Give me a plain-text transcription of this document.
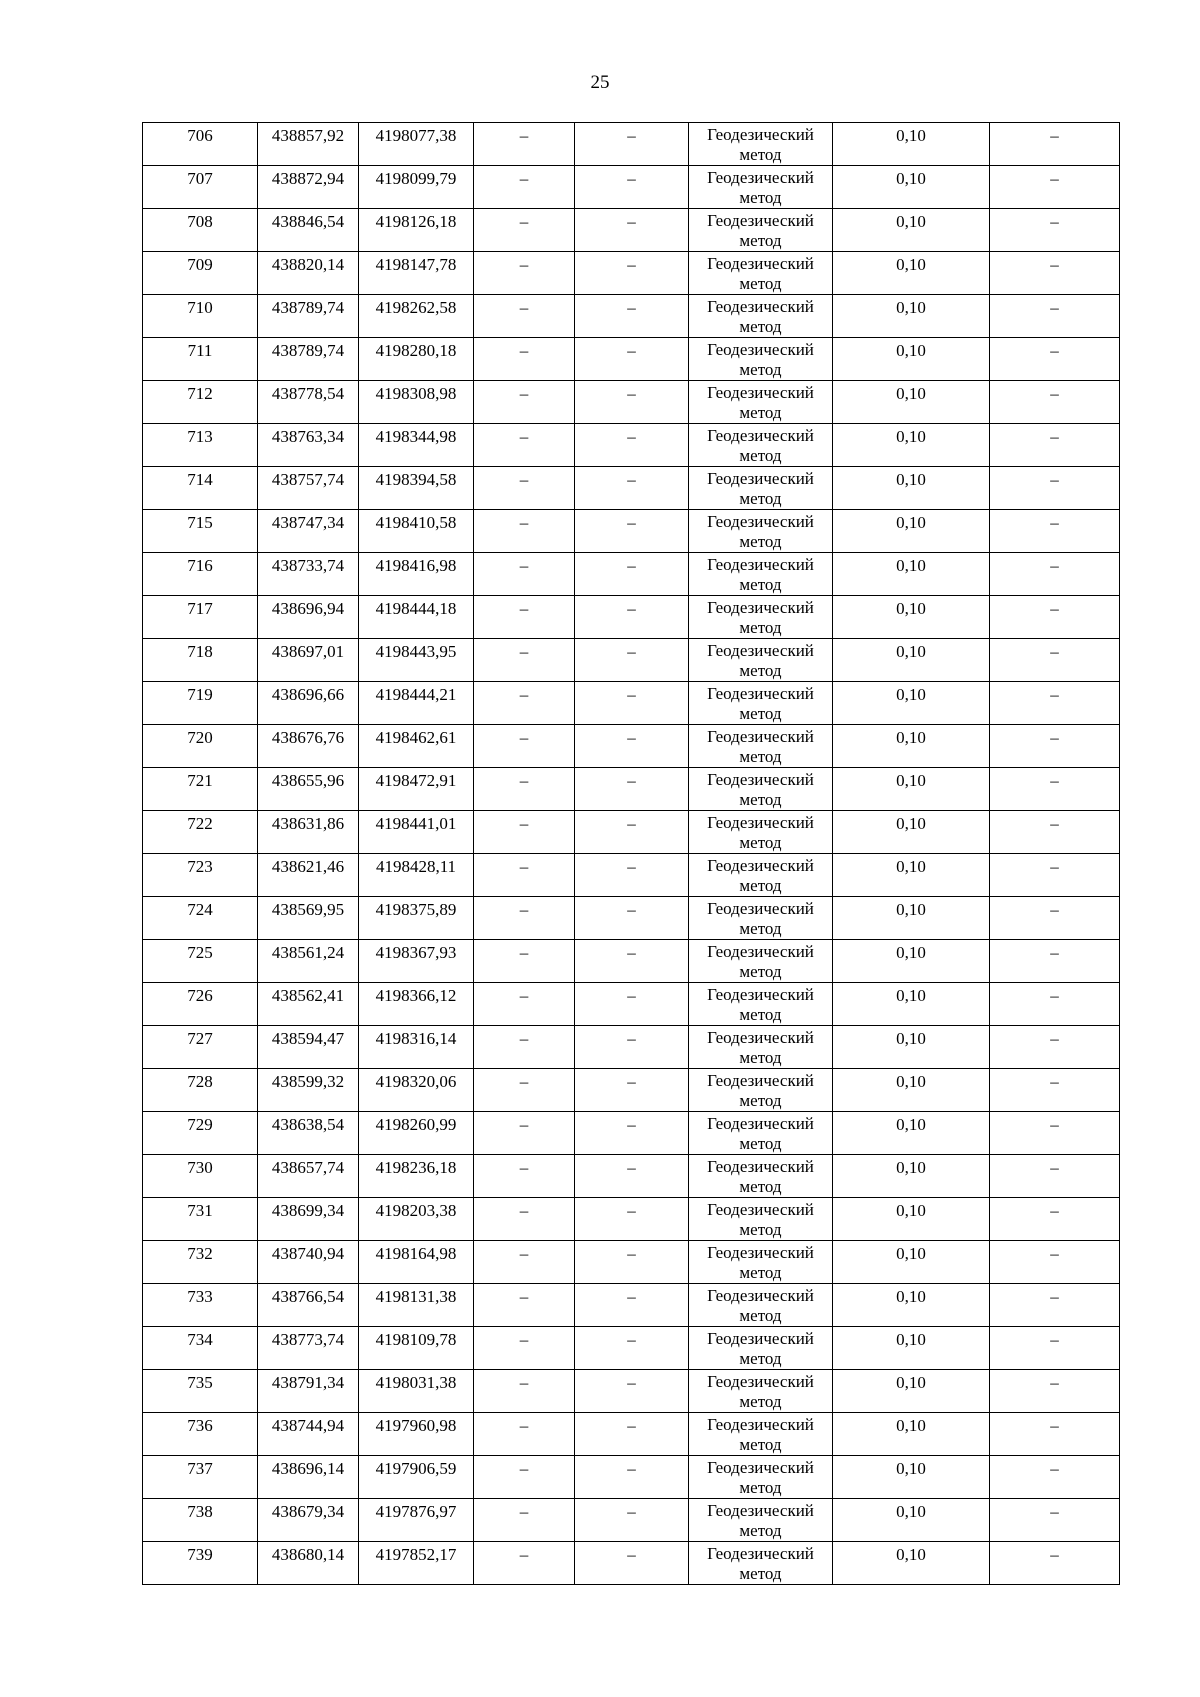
25
706	438857,92	4198077,38	–	–	Геодезический метод	0,10	–

707	438872,94	4198099,79	–	–	Геодезический метод	0,10	–

708	438846,54	4198126,18	–	–	Геодезический метод	0,10	–

709	438820,14	4198147,78	–	–	Геодезический метод	0,10	–

710	438789,74	4198262,58	–	–	Геодезический метод	0,10	–

711	438789,74	4198280,18	–	–	Геодезический метод	0,10	–

712	438778,54	4198308,98	–	–	Геодезический метод	0,10	–

713	438763,34	4198344,98	–	–	Геодезический метод	0,10	–

714	438757,74	4198394,58	–	–	Геодезический метод	0,10	–

715	438747,34	4198410,58	–	–	Геодезический метод	0,10	–

716	438733,74	4198416,98	–	–	Геодезический метод	0,10	–

717	438696,94	4198444,18	–	–	Геодезический метод	0,10	–

718	438697,01	4198443,95	–	–	Геодезический метод	0,10	–

719	438696,66	4198444,21	–	–	Геодезический метод	0,10	–

720	438676,76	4198462,61	–	–	Геодезический метод	0,10	–

721	438655,96	4198472,91	–	–	Геодезический метод	0,10	–

722	438631,86	4198441,01	–	–	Геодезический метод	0,10	–

723	438621,46	4198428,11	–	–	Геодезический метод	0,10	–

724	438569,95	4198375,89	–	–	Геодезический метод	0,10	–

725	438561,24	4198367,93	–	–	Геодезический метод	0,10	–

726	438562,41	4198366,12	–	–	Геодезический метод	0,10	–

727	438594,47	4198316,14	–	–	Геодезический метод	0,10	–

728	438599,32	4198320,06	–	–	Геодезический метод	0,10	–

729	438638,54	4198260,99	–	–	Геодезический метод	0,10	–

730	438657,74	4198236,18	–	–	Геодезический метод	0,10	–

731	438699,34	4198203,38	–	–	Геодезический метод	0,10	–

732	438740,94	4198164,98	–	–	Геодезический метод	0,10	–

733	438766,54	4198131,38	–	–	Геодезический метод	0,10	–

734	438773,74	4198109,78	–	–	Геодезический метод	0,10	–

735	438791,34	4198031,38	–	–	Геодезический метод	0,10	–

736	438744,94	4197960,98	–	–	Геодезический метод	0,10	–

737	438696,14	4197906,59	–	–	Геодезический метод	0,10	–

738	438679,34	4197876,97	–	–	Геодезический метод	0,10	–

739	438680,14	4197852,17	–	–	Геодезический метод	0,10	–
